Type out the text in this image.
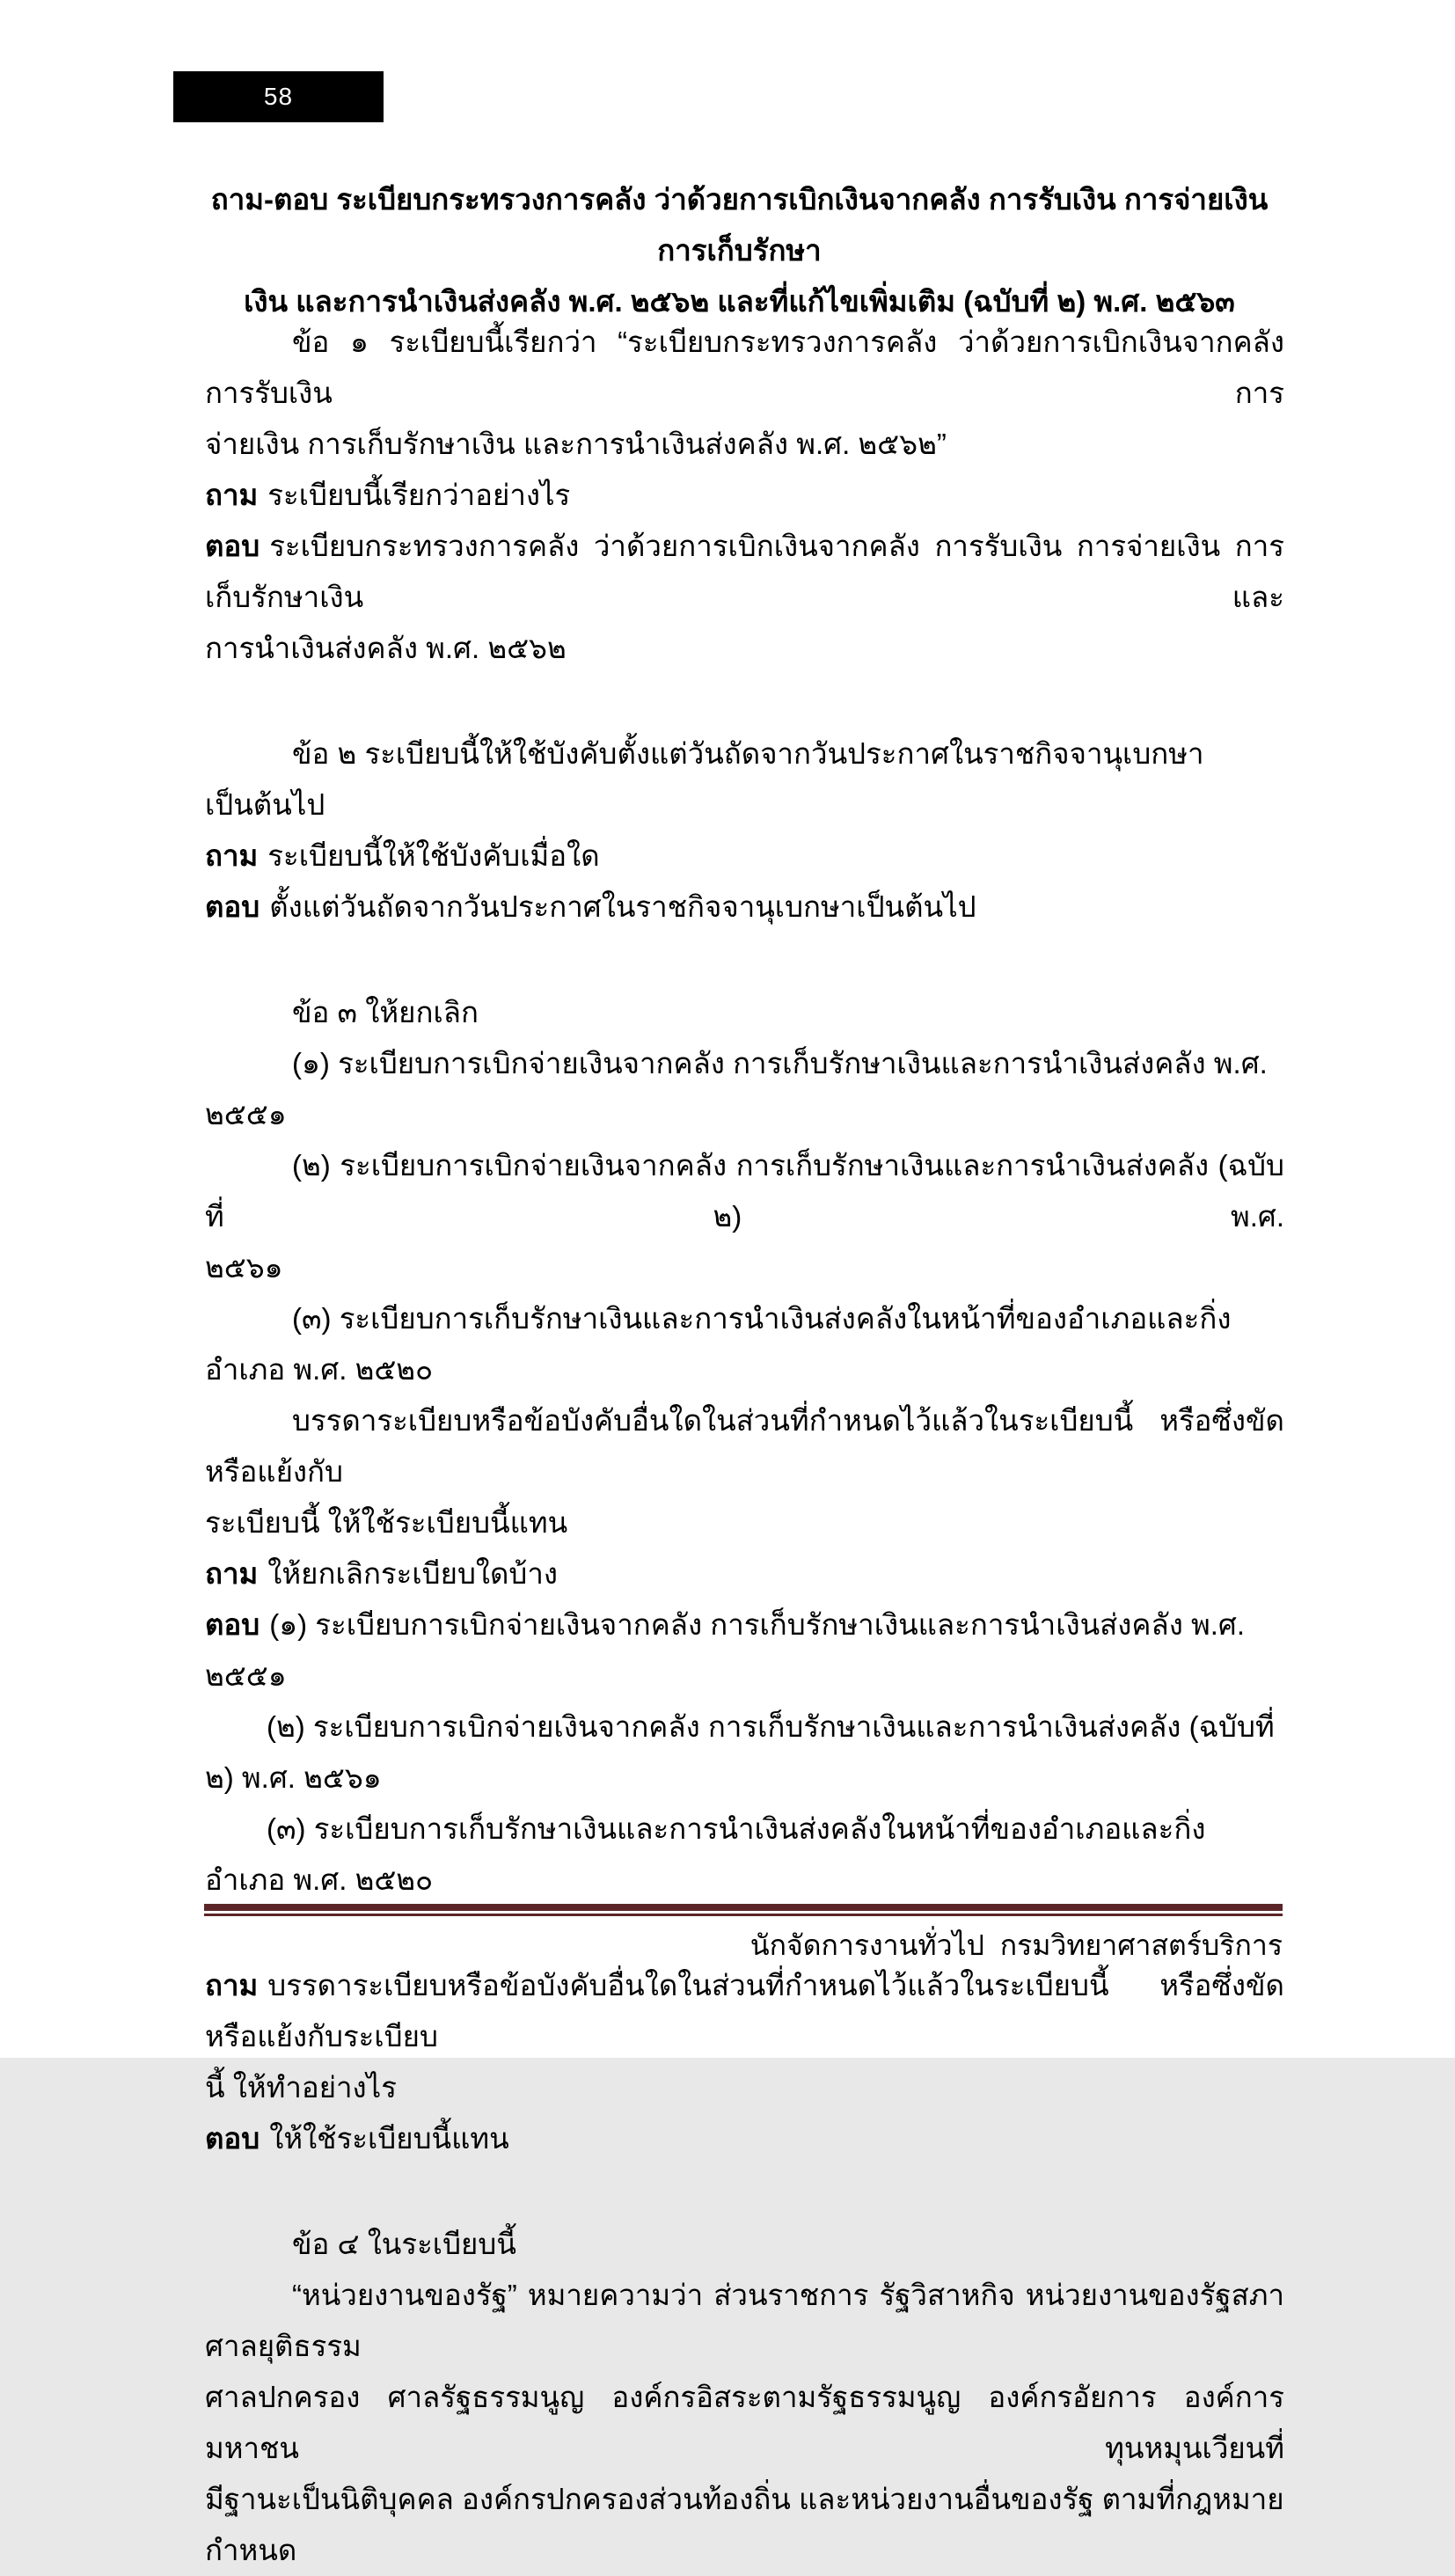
58
ถาม-ตอบ ระเบียบกระทรวงการคลัง ว่าด้วยการเบิกเงินจากคลัง การรับเงิน การจ่ายเงิน การเก็บรักษา
เงิน และการนำเงินส่งคลัง พ.ศ. ๒๕๖๒ และที่แก้ไขเพิ่มเติม (ฉบับที่ ๒) พ.ศ. ๒๕๖๓
ข้อ ๑ ระเบียบนี้เรียกว่า “ระเบียบกระทรวงการคลัง ว่าด้วยการเบิกเงินจากคลัง การรับเงิน การ
จ่ายเงิน การเก็บรักษาเงิน และการนำเงินส่งคลัง พ.ศ. ๒๕๖๒”
ถาม ระเบียบนี้เรียกว่าอย่างไร
ตอบ ระเบียบกระทรวงการคลัง ว่าด้วยการเบิกเงินจากคลัง การรับเงิน การจ่ายเงิน การเก็บรักษาเงิน และ
การนำเงินส่งคลัง พ.ศ. ๒๕๖๒
ข้อ ๒ ระเบียบนี้ให้ใช้บังคับตั้งแต่วันถัดจากวันประกาศในราชกิจจานุเบกษาเป็นต้นไป
ถาม ระเบียบนี้ให้ใช้บังคับเมื่อใด
ตอบ ตั้งแต่วันถัดจากวันประกาศในราชกิจจานุเบกษาเป็นต้นไป
ข้อ ๓ ให้ยกเลิก
(๑) ระเบียบการเบิกจ่ายเงินจากคลัง การเก็บรักษาเงินและการนำเงินส่งคลัง พ.ศ. ๒๕๕๑
(๒) ระเบียบการเบิกจ่ายเงินจากคลัง การเก็บรักษาเงินและการนำเงินส่งคลัง (ฉบับที่ ๒) พ.ศ.
๒๕๖๑
(๓) ระเบียบการเก็บรักษาเงินและการนำเงินส่งคลังในหน้าที่ของอำเภอและกิ่งอำเภอ พ.ศ. ๒๕๒๐
บรรดาระเบียบหรือข้อบังคับอื่นใดในส่วนที่กำหนดไว้แล้วในระเบียบนี้ หรือซึ่งขัดหรือแย้งกับ
ระเบียบนี้ ให้ใช้ระเบียบนี้แทน
ถาม ให้ยกเลิกระเบียบใดบ้าง
ตอบ (๑) ระเบียบการเบิกจ่ายเงินจากคลัง การเก็บรักษาเงินและการนำเงินส่งคลัง พ.ศ. ๒๕๕๑
(๒) ระเบียบการเบิกจ่ายเงินจากคลัง การเก็บรักษาเงินและการนำเงินส่งคลัง (ฉบับที่ ๒) พ.ศ. ๒๕๖๑
(๓) ระเบียบการเก็บรักษาเงินและการนำเงินส่งคลังในหน้าที่ของอำเภอและกิ่งอำเภอ พ.ศ. ๒๕๒๐
ถาม บรรดาระเบียบหรือข้อบังคับอื่นใดในส่วนที่กำหนดไว้แล้วในระเบียบนี้ หรือซึ่งขัดหรือแย้งกับระเบียบ
นี้ ให้ทำอย่างไร
ตอบ ให้ใช้ระเบียบนี้แทน
ข้อ ๔ ในระเบียบนี้
“หน่วยงานของรัฐ” หมายความว่า ส่วนราชการ รัฐวิสาหกิจ หน่วยงานของรัฐสภา ศาลยุติธรรม
ศาลปกครอง ศาลรัฐธรรมนูญ องค์กรอิสระตามรัฐธรรมนูญ องค์กรอัยการ องค์การมหาชน ทุนหมุนเวียนที่
มีฐานะเป็นนิติบุคคล องค์กรปกครองส่วนท้องถิ่น และหน่วยงานอื่นของรัฐ ตามที่กฎหมายกำหนด
นักจัดการงานทั่วไป  กรมวิทยาศาสตร์บริการ
